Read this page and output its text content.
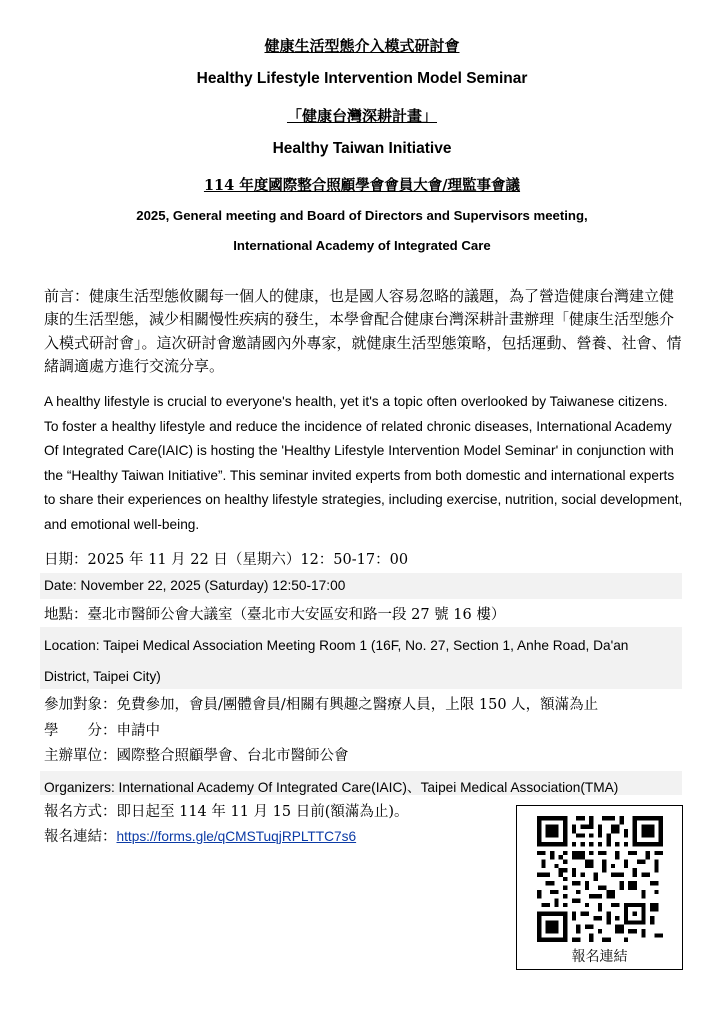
健康生活型態介入模式研討會
Healthy Lifestyle Intervention Model Seminar
「健康台灣深耕計畫」
Healthy Taiwan Initiative
114 年度國際整合照顧學會會員大會/理監事會議
2025, General meeting and Board of Directors and Supervisors meeting,
International Academy of Integrated Care
前言：健康生活型態攸關每一個人的健康，也是國人容易忽略的議題，為了營造健康台灣建立健康的生活型態，減少相關慢性疾病的發生，本學會配合健康台灣深耕計畫辦理「健康生活型態介入模式研討會」。這次研討會邀請國內外專家，就健康生活型態策略，包括運動、營養、社會、情緒調適處方進行交流分享。
A healthy lifestyle is crucial to everyone's health, yet it's a topic often overlooked by Taiwanese citizens. To foster a healthy lifestyle and reduce the incidence of related chronic diseases, International Academy Of Integrated Care(IAIC) is hosting the 'Healthy Lifestyle Intervention Model Seminar' in conjunction with the “Healthy Taiwan Initiative”. This seminar invited experts from both domestic and international experts to share their experiences on healthy lifestyle strategies, including exercise, nutrition, social development, and emotional well-being.
日期：2025 年 11 月 22 日（星期六）12：50-17：00
Date: November 22, 2025 (Saturday) 12:50-17:00
地點：臺北市醫師公會大議室（臺北市大安區安和路一段 27 號 16 樓）
Location: Taipei Medical Association Meeting Room 1 (16F, No. 27, Section 1, Anhe Road, Da'an
District, Taipei City)
參加對象：免費參加，會員/團體會員/相關有興趣之醫療人員，上限 150 人，額滿為止
學　　分：申請中
主辦單位：國際整合照顧學會、台北市醫師公會
Organizers: International Academy Of Integrated Care(IAIC)、Taipei Medical Association(TMA)
報名方式：即日起至 114 年 11 月 15 日前(額滿為止)。
報名連結：https://forms.gle/qCMSTuqjRPLTTC7s6
報名連結
